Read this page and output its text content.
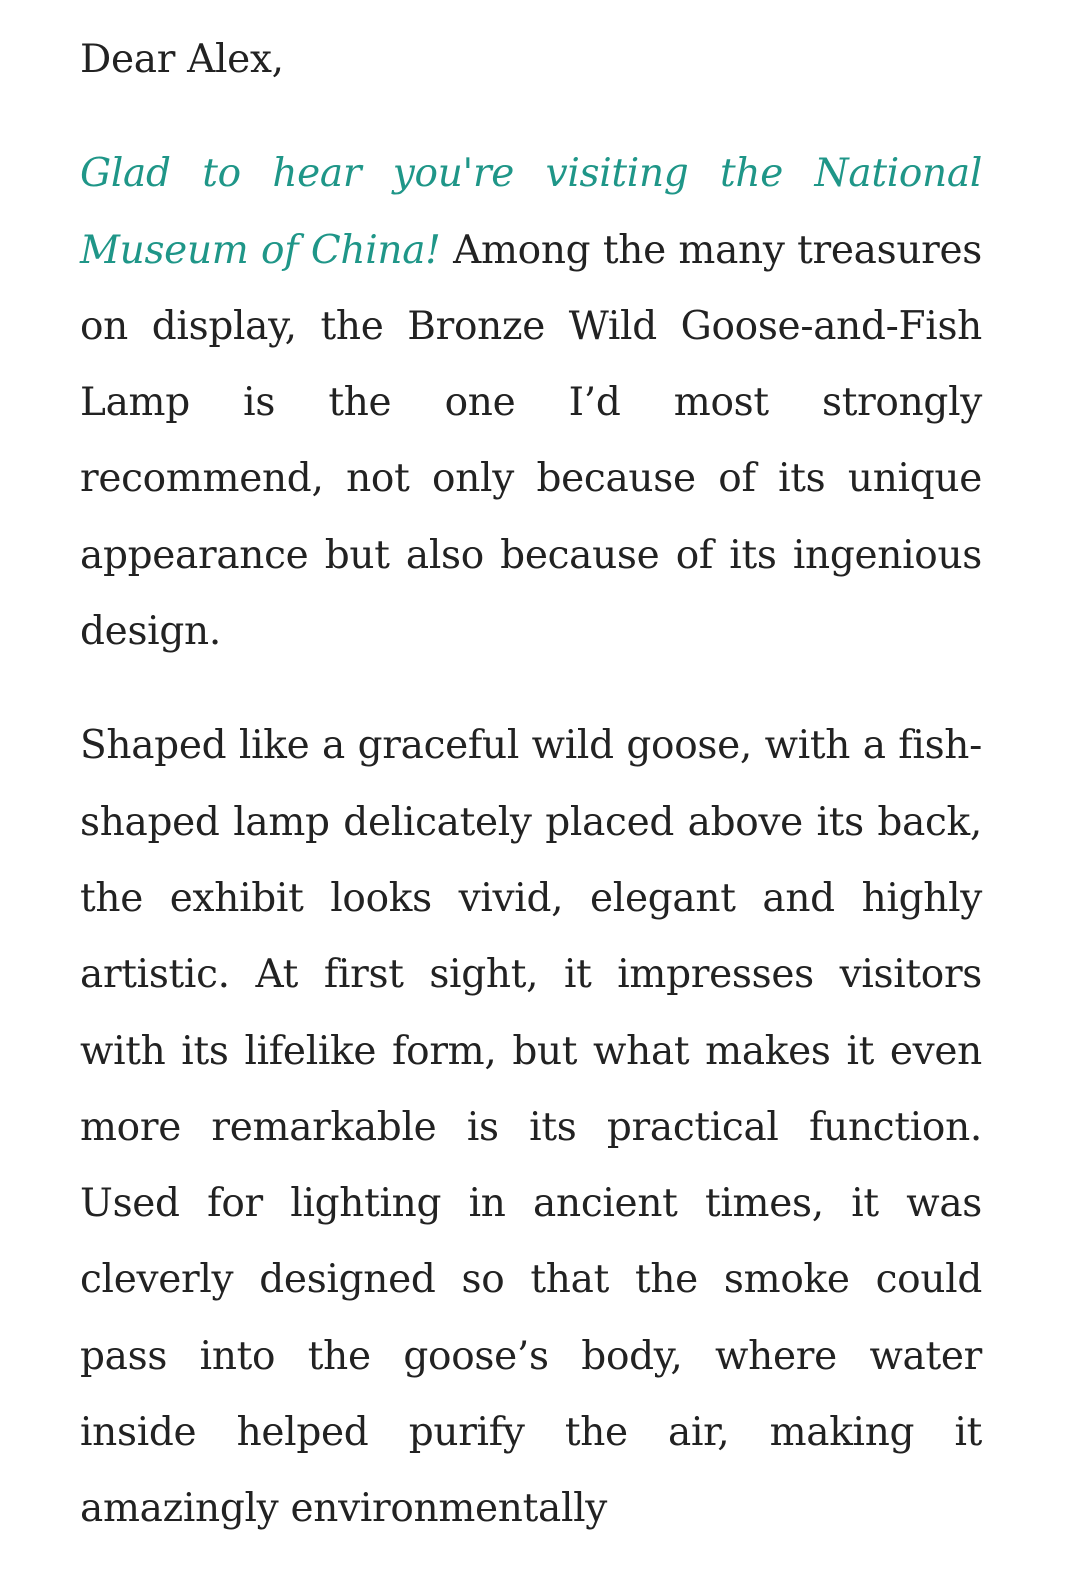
Dear Alex,

Glad to hear you're visiting the National Museum of China! Among the many treasures on display, the Bronze Wild Goose-and-Fish Lamp is the one I’d most strongly recommend, not only because of its unique appearance but also because of its ingenious design.

Shaped like a graceful wild goose, with a fish-shaped lamp delicately placed above its back, the exhibit looks vivid, elegant and highly artistic. At first sight, it impresses visitors with its lifelike form, but what makes it even more remarkable is its practical function. Used for lighting in ancient times, it was cleverly designed so that the smoke could pass into the goose’s body, where water inside helped purify the air, making it amazingly environmentally
